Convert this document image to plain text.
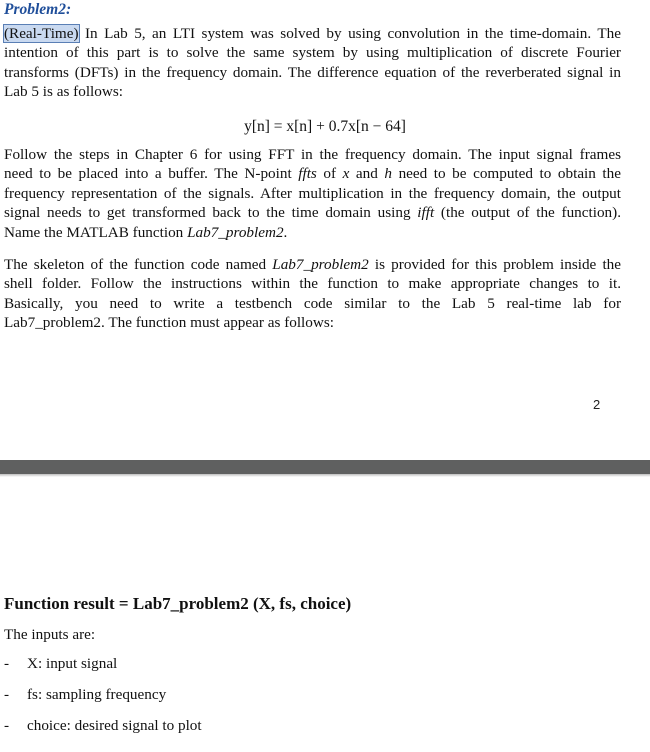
Problem2:
(Real-Time) In Lab 5, an LTI system was solved by using convolution in the time-domain. The
intention of this part is to solve the same system by using multiplication of discrete Fourier
transforms (DFTs) in the frequency domain. The difference equation of the reverberated signal in
Lab 5 is as follows:
y[n] = x[n] + 0.7x[n − 64]
Follow the steps in Chapter 6 for using FFT in the frequency domain. The input signal frames
need to be placed into a buffer. The N-point ffts of x and h need to be computed to obtain the
frequency representation of the signals. After multiplication in the frequency domain, the output
signal needs to get transformed back to the time domain using ifft (the output of the function).
Name the MATLAB function Lab7_problem2.
The skeleton of the function code named Lab7_problem2 is provided for this problem inside the
shell folder. Follow the instructions within the function to make appropriate changes to it.
Basically, you need to write a testbench code similar to the Lab 5 real-time lab for
Lab7_problem2. The function must appear as follows:
2
Function result = Lab7_problem2 (X, fs, choice)
The inputs are:
- X: input signal
- fs: sampling frequency
- choice: desired signal to plot
